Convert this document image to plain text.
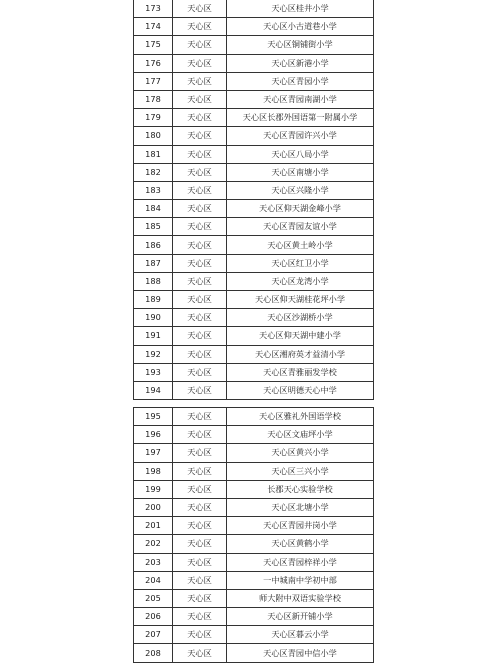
173	天心区	天心区桂井小学
174	天心区	天心区小古道巷小学
175	天心区	天心区铜铺街小学
176	天心区	天心区新港小学
177	天心区	天心区青园小学
178	天心区	天心区青园南湖小学
179	天心区	天心区长郡外国语第一附属小学
180	天心区	天心区青园许兴小学
181	天心区	天心区八局小学
182	天心区	天心区南塘小学
183	天心区	天心区兴隆小学
184	天心区	天心区仰天湖金峰小学
185	天心区	天心区青园友谊小学
186	天心区	天心区黄土岭小学
187	天心区	天心区红卫小学
188	天心区	天心区龙湾小学
189	天心区	天心区仰天湖桂花坪小学
190	天心区	天心区沙湖桥小学
191	天心区	天心区仰天湖中建小学
192	天心区	天心区湘府英才益清小学
193	天心区	天心区青雅丽发学校
194	天心区	天心区明德天心中学
195	天心区	天心区雅礼外国语学校
196	天心区	天心区文庙坪小学
197	天心区	天心区黄兴小学
198	天心区	天心区三兴小学
199	天心区	长郡天心实验学校
200	天心区	天心区北塘小学
201	天心区	天心区青园井岗小学
202	天心区	天心区黄鹤小学
203	天心区	天心区青园梓祥小学
204	天心区	一中城南中学初中部
205	天心区	师大附中双语实验学校
206	天心区	天心区新开铺小学
207	天心区	天心区暮云小学
208	天心区	天心区青园中信小学
